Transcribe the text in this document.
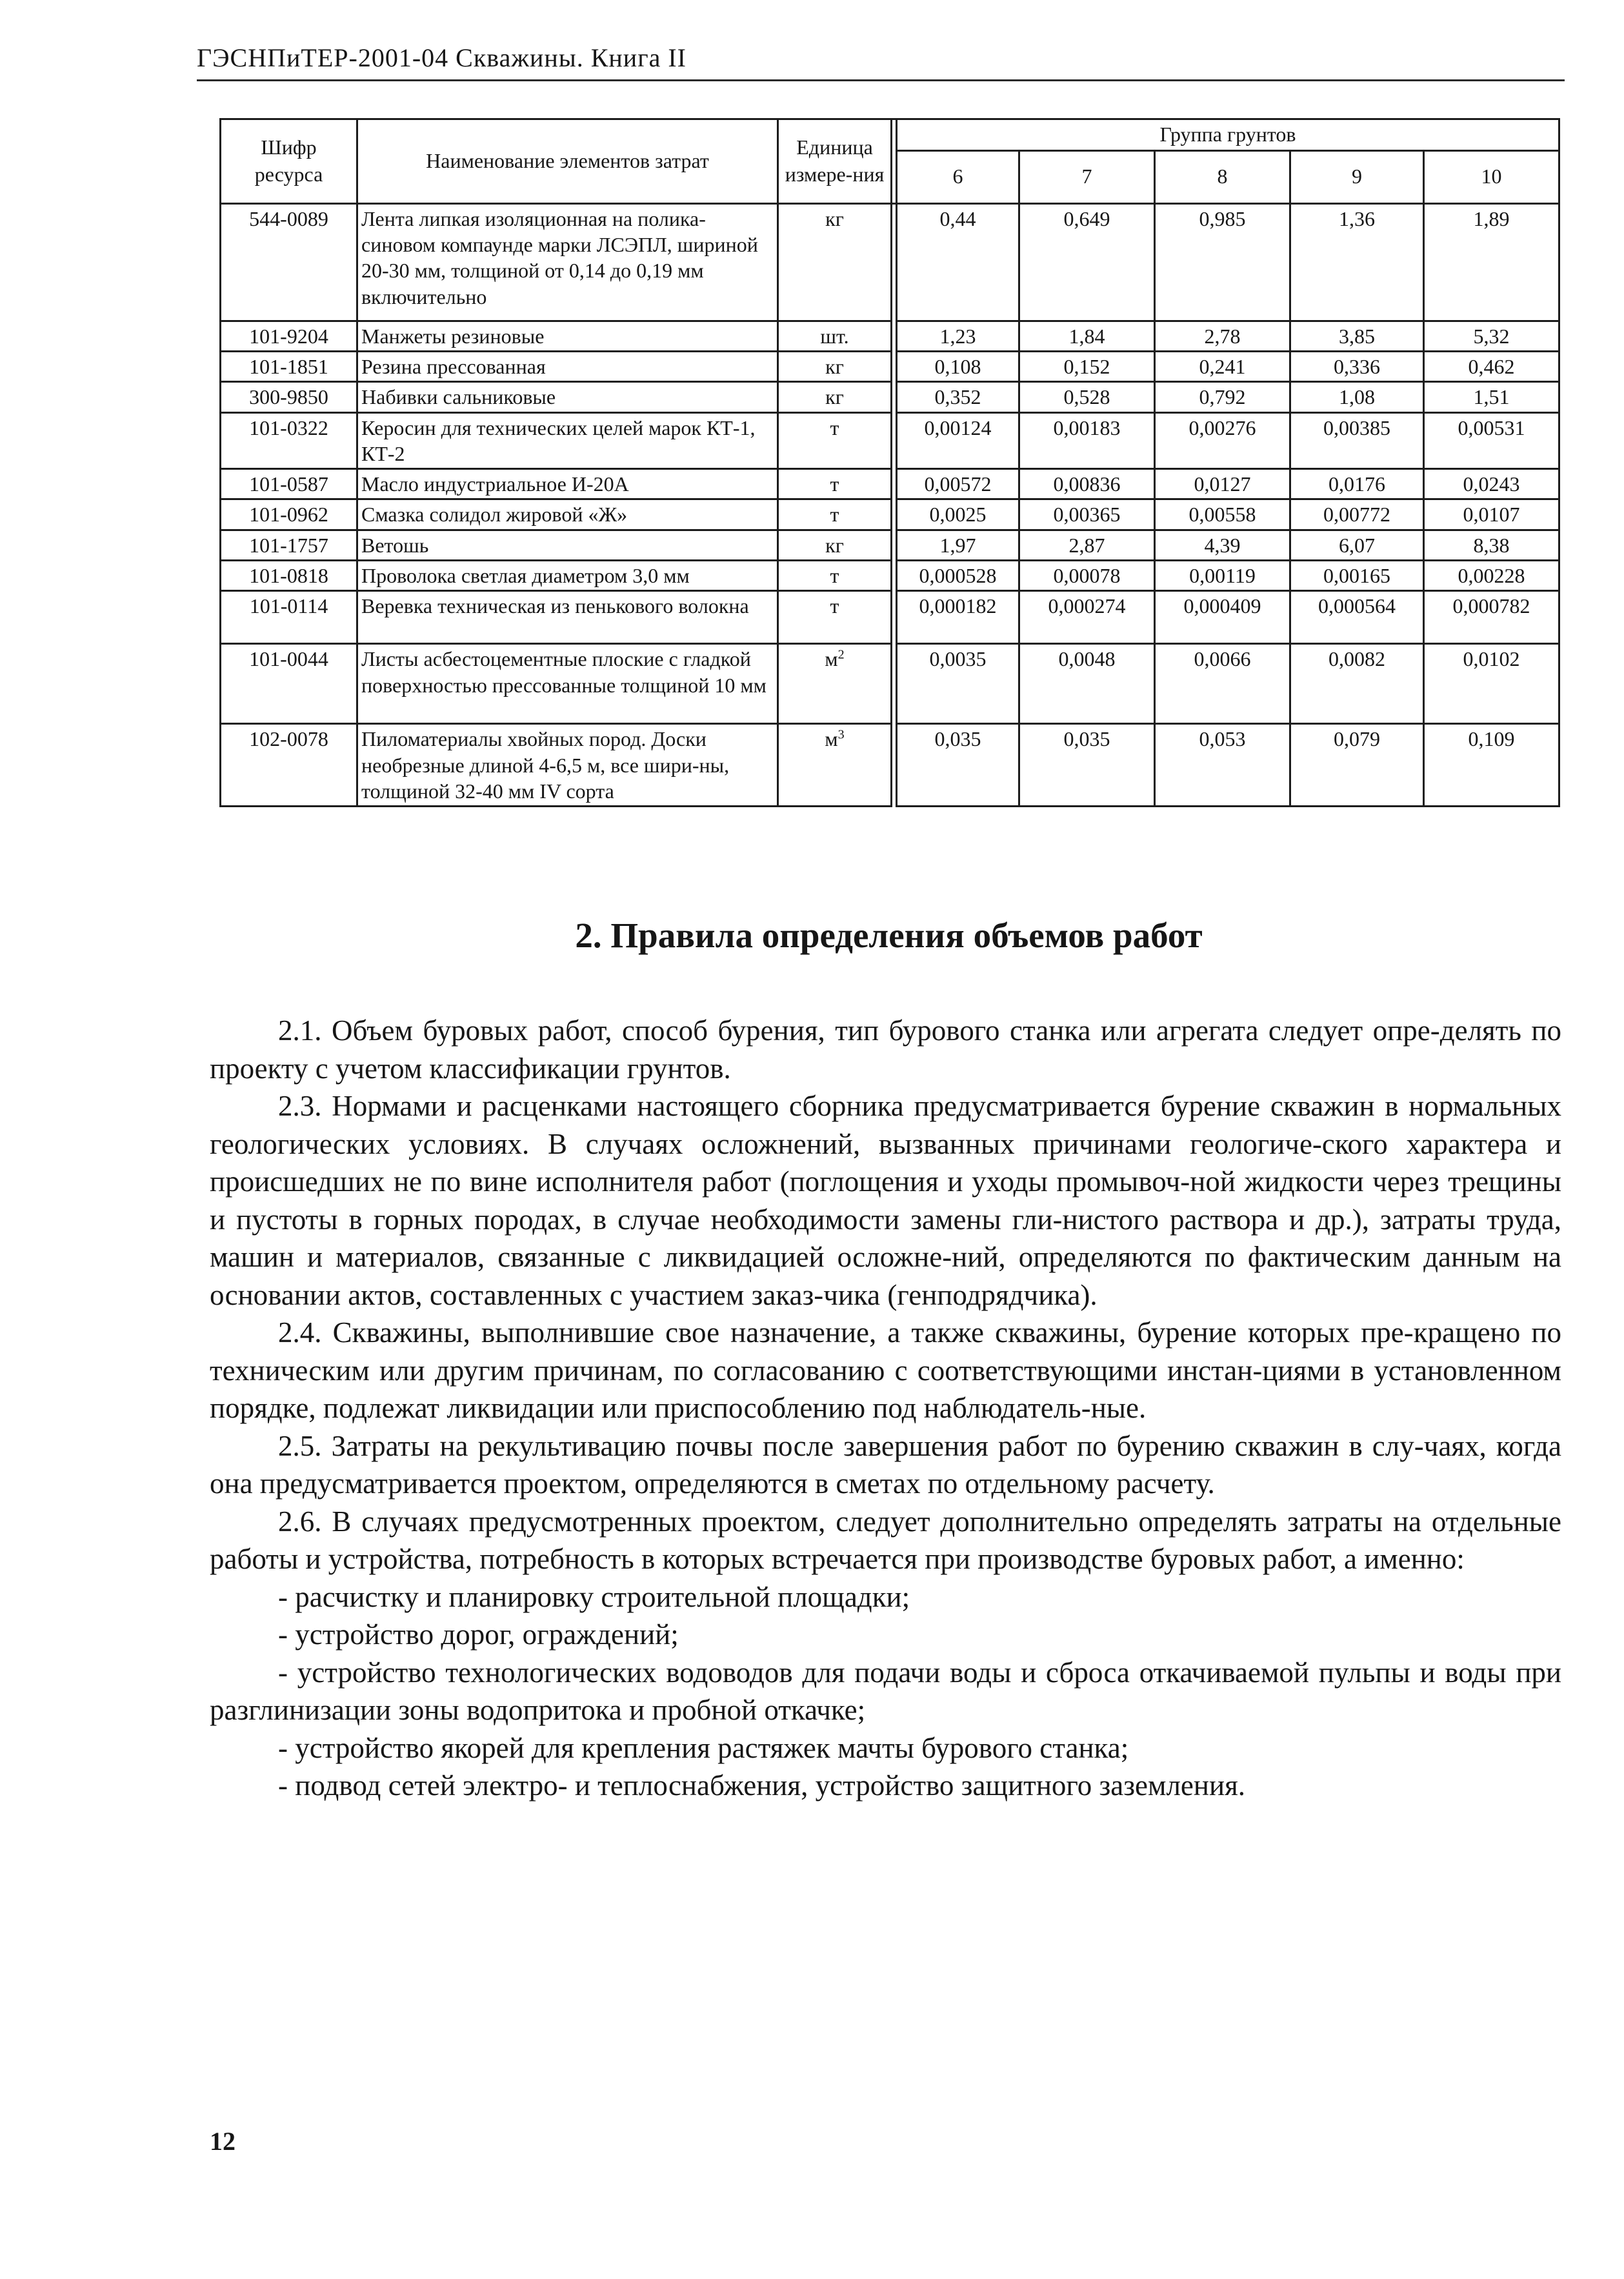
ГЭСНПиТЕР-2001-04 Скважины. Книга II
Шифр ресурса	Наименование элементов затрат	Единица измере-ния		Группа грунтов				
				6	7	8	9	10
544-0089	Лента липкая изоляционная на полика-синовом компаунде марки ЛСЭПЛ, шириной 20-30 мм, толщиной от 0,14 до 0,19 мм включительно	кг		0,44	0,649	0,985	1,36	1,89
101-9204	Манжеты резиновые	шт.		1,23	1,84	2,78	3,85	5,32
101-1851	Резина прессованная	кг		0,108	0,152	0,241	0,336	0,462
300-9850	Набивки сальниковые	кг		0,352	0,528	0,792	1,08	1,51
101-0322	Керосин для технических целей марок КТ-1, КТ-2	т		0,00124	0,00183	0,00276	0,00385	0,00531
101-0587	Масло индустриальное И-20А	т		0,00572	0,00836	0,0127	0,0176	0,0243
101-0962	Смазка солидол жировой «Ж»	т		0,0025	0,00365	0,00558	0,00772	0,0107
101-1757	Ветошь	кг		1,97	2,87	4,39	6,07	8,38
101-0818	Проволока светлая диаметром 3,0 мм	т		0,000528	0,00078	0,00119	0,00165	0,00228
101-0114	Веревка техническая из пенькового волокна	т		0,000182	0,000274	0,000409	0,000564	0,000782
101-0044	Листы асбестоцементные плоские с гладкой поверхностью прессованные толщиной 10 мм	$м^2$		0,0035	0,0048	0,0066	0,0082	0,0102
102-0078	Пиломатериалы хвойных пород. Доски необрезные длиной 4-6,5 м, все шири-ны, толщиной 32-40 мм IV сорта	$м^3$		0,035	0,035	0,053	0,079	0,109
2. Правила определения объемов работ

2.1. Объем буровых работ, способ бурения, тип бурового станка или агрегата следует опре-делять по проекту с учетом классификации грунтов.

2.3. Нормами и расценками настоящего сборника предусматривается бурение скважин в нормальных геологических условиях. В случаях осложнений, вызванных причинами геологиче-ского характера и происшедших не по вине исполнителя работ (поглощения и уходы промывоч-ной жидкости через трещины и пустоты в горных породах, в случае необходимости замены гли-нистого раствора и др.), затраты труда, машин и материалов, связанные с ликвидацией осложне-ний, определяются по фактическим данным на основании актов, составленных с участием заказ-чика (генподрядчика).

2.4. Скважины, выполнившие свое назначение, а также скважины, бурение которых пре-кращено по техническим или другим причинам, по согласованию с соответствующими инстан-циями в установленном порядке, подлежат ликвидации или приспособлению под наблюдатель-ные.

2.5. Затраты на рекультивацию почвы после завершения работ по бурению скважин в слу-чаях, когда она предусматривается проектом, определяются в сметах по отдельному расчету.

2.6. В случаях предусмотренных проектом, следует дополнительно определять затраты на отдельные работы и устройства, потребность в которых встречается при производстве буровых работ, а именно:

- расчистку и планировку строительной площадки;

- устройство дорог, ограждений;

- устройство технологических водоводов для подачи воды и сброса откачиваемой пульпы и воды при разглинизации зоны водопритока и пробной откачке;

- устройство якорей для крепления растяжек мачты бурового станка;

- подвод сетей электро- и теплоснабжения, устройство защитного заземления.

12
